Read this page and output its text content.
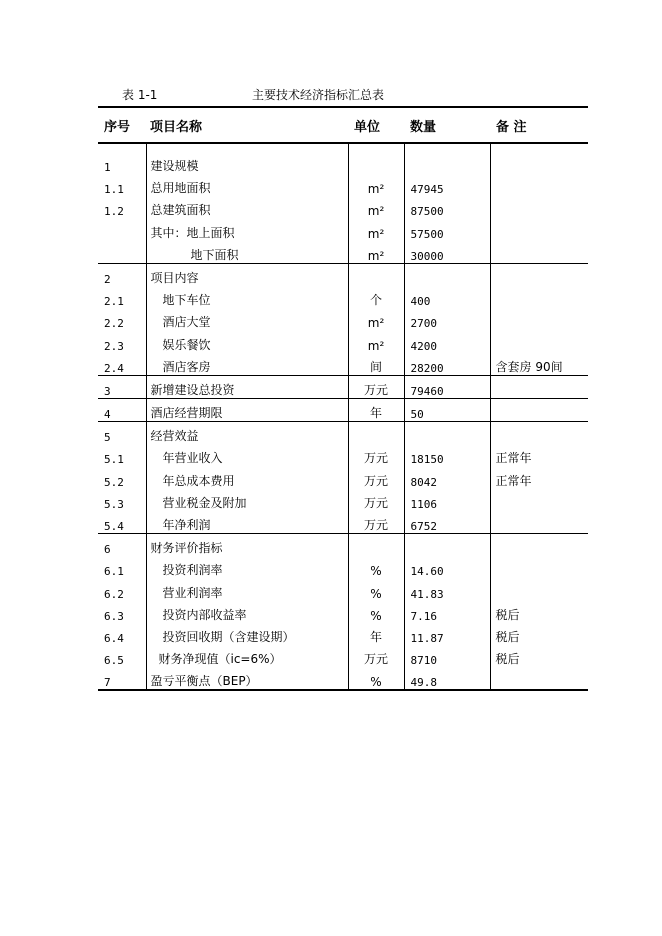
表 1-1	主要技术经济指标汇总表
序号	项目名称	单位	数量	备 注
1	建设规模			
1.1	总用地面积	m²	47945	
1.2	总建筑面积	m²	87500	
	其中：地上面积	m²	57500	
	地下面积	m²	30000	
2	项目内容			
2.1	地下车位	个	400	
2.2	酒店大堂	m²	2700	
2.3	娱乐餐饮	m²	4200	
2.4	酒店客房	间	28200	含套房 90间
3	新增建设总投资	万元	79460	
4	酒店经营期限	年	50	
5	经营效益			
5.1	年营业收入	万元	18150	正常年
5.2	年总成本费用	万元	8042	正常年
5.3	营业税金及附加	万元	1106	
5.4	年净利润	万元	6752	
6	财务评价指标			
6.1	投资利润率	%	14.60	
6.2	营业利润率	%	41.83	
6.3	投资内部收益率	%	7.16	税后
6.4	投资回收期（含建设期）	年	11.87	税后
6.5	财务净现值（ic=6%）	万元	8710	税后
7	盈亏平衡点（BEP）	%	49.8	
